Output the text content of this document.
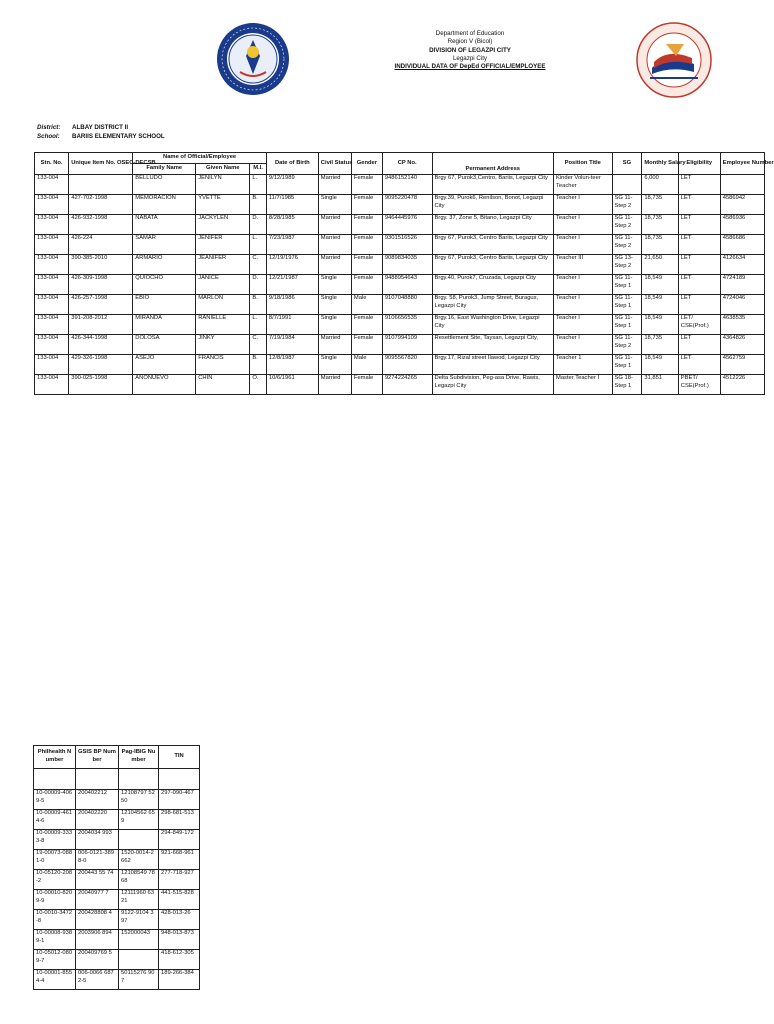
Department of Education
Region V (Bicol)
DIVISION OF LEGAZPI CITY
Legazpi City
INDIVIDUAL DATA OF DepEd OFFICIAL/EMPLOYEE
District:	ALBAY DISTRICT II
School:	BARIIS ELEMENTARY SCHOOL
Stn. No.	Unique Item No. OSEC-DECSB	Name of Official/Employee			Date of Birth	Civil Status	Gender	CP No.	Permanent Address	Position Title	SG	Monthly Salary	Eligibility	Employee Number
		Family Name	Given Name	M.I.										
133-004		BELLUDO	JENILYN	L.	9/12/1989	Married	Female	9486152140	Brgy 67, Purok3,Centro, Bariis, Legazpi City	Kinder Volun-teer Teacher		6,000	LET	
133-004	427-702-1998	MEMORACION	YVETTE	B.	11/7/1985	Single	Female	9095220478	Brgy.39, Purok6, Renilson, Bonot, Legazpi City	Teacher I	SG 11- Step 2	18,735	LET	4586942
133-004	426-932-1998	NABATA	JACKYLEN	D.	8/28/1985	Married	Female	9464445976	Brgy. 37, Zone 5, Bitano, Legazpi City	Teacher I	SG 11- Step 2	18,735	LET	4586936
133-004	426-224	SAMAR	JENIFER	L.	7/23/1987	Married	Female	9301516526	Brgy 67, Purok3, Centro Bariis, Legazpi City	Teacher I	SG 11- Step 2	18,735	LET	4586686
133-004	390-385-2010	ARMARIO	JEANIFER	C.	12/19/1976	Married	Female	9089834035	Brgy 67, Purok3, Centro Bariis, Legazpi City	Teacher III	SG 13- Step 2	21,650	LET	4126634
133-004	426-309-1998	QUIOCHO	JANICE	D.	12/21/1987	Single	Female	9488954643	Brgy.40, Purok7, Cruzada, Legazpi City	Teacher I	SG 11- Step 1	18,549	LET	4724189
133-004	426-257-1998	EBIO	MARLON	B.	9/18/1986	Single	Male	9107048880	Brgy. 58, Purok3, Jump Street, Buragus, Legazpi City	Teacher I	SG 11- Step 1	18,549	LET	4724046
133-004	391-208-2012	MIRANDA	RANIELLE	L.	8/7/1991	Single	Female	9106656535	Brgy.16, East Washington Drive, Legazpi City	Teacher I	SG 11- Step 1	18,549	LET/ CSE(Prof.)	4638535
133-004	426-344-1998	DOLOSA	JINKY	C.	7/19/1984	Married	Female	9107994109	Resettlement Site, Taysan, Legazpi City,	Teacher I	SG 11- Step 2	18,735	LET	4364826
133-004	429-326-1998	ASEJO	FRANCIS	B.	12/8/1987	Single	Male	9095567820	Brgy.17, Rizal street Ilawod, Legazpi City	Teacher 1	SG 11- Step 1	18,549	LET	4562759
133-004	390-025-1998	AÑONUEVO	CHIN	O.	10/6/1961	Married	Female	9274224265	Delta Subdivision, Peg-asa Drive, Rawis, Legazpi City	Master Teacher I	SG 18- Step 1	31,851	PBET/ CSE(Prof.)	4512226
Philhealth Number	GSIS BP Number	Pag-IBIG Number	TIN

10-00009-4069-5	200402212	12108797 5250	297-090-467
10-00009-4614-6	200402220	12104562 659	298-681-513
10-00009-3333-8	2004034 993		294-849-172
19-00073-0881-0	006-0121-3898-0	1520-0014-2662	921-668-961
10-05120-208-2	200443 55 74	12108549 7868	277-718-927
10-00010-8209-9	20040977 7	12111960 6321	441-515-828
10-0010-3472-8	200428808 4	9122-9104 397	428-013-26
10-00008-9389-1	2003906 894	152000043	948-013-873
10-05012-0809-7	200409769 5		418-612-305
10-00001-8554-4	006-0066 6872-5	50115276 907	189-266-384
